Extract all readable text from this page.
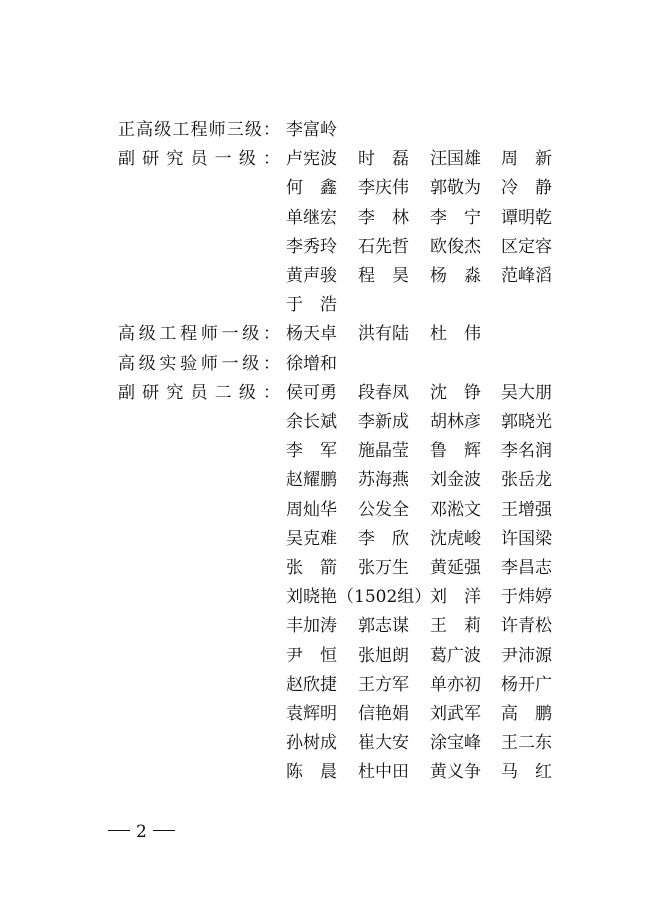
正高级工程师三级： 李富岭
副研究员一级： 卢宪波 时　磊 汪国雄 周　新
何　鑫 李庆伟 郭敬为 冷　静
单继宏 李　林 李　宁 谭明乾
李秀玲 石先哲 欧俊杰 区定容
黄声骏 程　昊 杨　淼 范峰滔
于　浩
高级工程师一级： 杨天卓 洪有陆 杜　伟
高级实验师一级： 徐增和
副研究员二级： 侯可勇 段春凤 沈　铮 吴大朋
余长斌 李新成 胡林彦 郭晓光
李　军 施晶莹 鲁　辉 李名润
赵耀鹏 苏海燕 刘金波 张岳龙
周灿华 公发全 邓淞文 王增强
吴克难 李　欣 沈虎峻 许国梁
张　箭 张万生 黄延强 李昌志
刘晓艳（1502组）
刘　洋 于炜婷
丰加涛 郭志谋 王　莉 许青松
尹　恒 张旭朗 葛广波 尹沛源
赵欣捷 王方军 单亦初 杨开广
袁辉明 信艳娟 刘武军 高　鹏
孙树成 崔大安 涂宝峰 王二东
陈　晨 杜中田 黄义争 马　红
2
